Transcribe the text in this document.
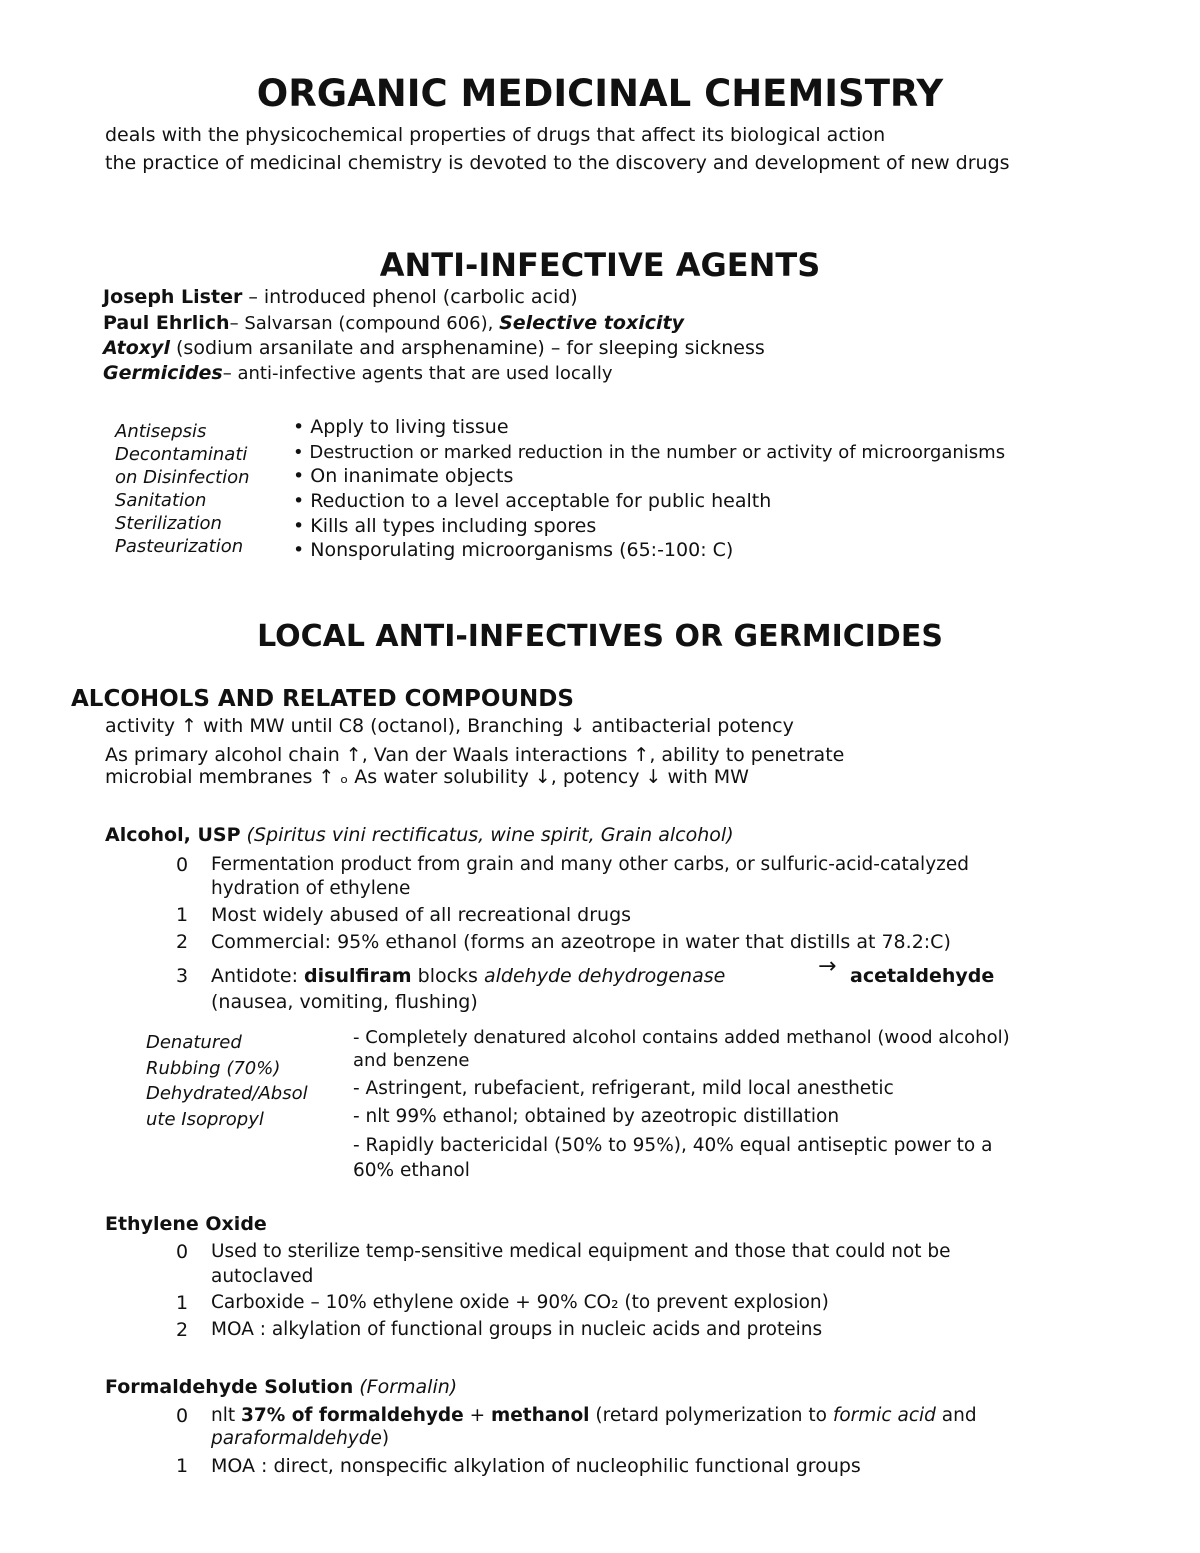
ORGANIC MEDICINAL CHEMISTRY
deals with the physicochemical properties of drugs that affect its biological action
the practice of medicinal chemistry is devoted to the discovery and development of new drugs
ANTI-INFECTIVE AGENTS
Joseph Lister – introduced phenol (carbolic acid)
Paul Ehrlich– Salvarsan (compound 606), Selective toxicity
Atoxyl (sodium arsanilate and arsphenamine) – for sleeping sickness
Germicides– anti-infective agents that are used locally
Antisepsis
Decontaminati
on Disinfection
Sanitation
Sterilization
Pasteurization
• Apply to living tissue
• Destruction or marked reduction in the number or activity of microorganisms
• On inanimate objects
• Reduction to a level acceptable for public health
• Kills all types including spores
• Nonsporulating microorganisms (65:-100: C)
LOCAL ANTI-INFECTIVES OR GERMICIDES
ALCOHOLS AND RELATED COMPOUNDS
activity ↑ with MW until C8 (octanol), Branching ↓ antibacterial potency
As primary alcohol chain ↑, Van der Waals interactions ↑, ability to penetrate
microbial membranes ↑ ₒ As water solubility ↓, potency ↓ with MW
Alcohol, USP (Spiritus vini rectificatus, wine spirit, Grain alcohol)
0 Fermentation product from grain and many other carbs, or sulfuric-acid-catalyzed
hydration of ethylene
1 Most widely abused of all recreational drugs
2 Commercial: 95% ethanol (forms an azeotrope in water that distills at 78.2:C)
3 Antidote: disulfiram blocks aldehyde dehydrogenase	→ acetaldehyde
(nausea, vomiting, flushing)
Denatured
Rubbing (70%)
Dehydrated/Absol
ute Isopropyl
- Completely denatured alcohol contains added methanol (wood alcohol)
and benzene
- Astringent, rubefacient, refrigerant, mild local anesthetic
- nlt 99% ethanol; obtained by azeotropic distillation
- Rapidly bactericidal (50% to 95%), 40% equal antiseptic power to a
60% ethanol
Ethylene Oxide
0 Used to sterilize temp-sensitive medical equipment and those that could not be
autoclaved
1 Carboxide – 10% ethylene oxide + 90% CO₂ (to prevent explosion)
2 MOA : alkylation of functional groups in nucleic acids and proteins
Formaldehyde Solution (Formalin)
0 nlt 37% of formaldehyde + methanol (retard polymerization to formic acid and
paraformaldehyde)
1 MOA : direct, nonspecific alkylation of nucleophilic functional groups
